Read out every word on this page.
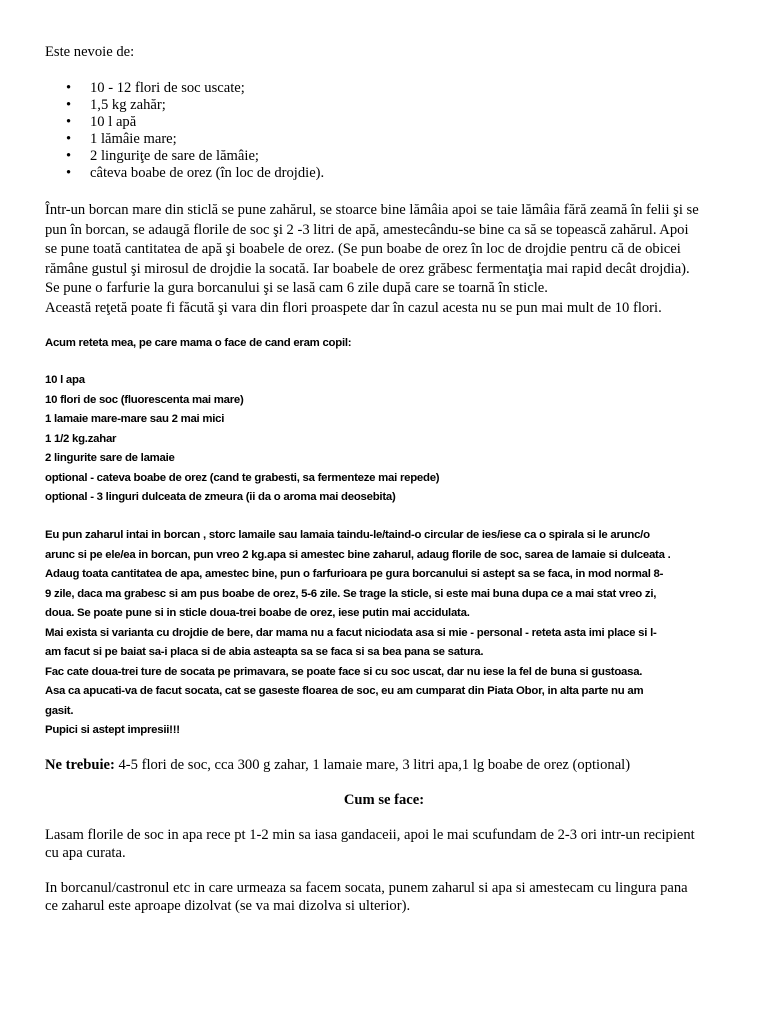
Este nevoie de:
• 10 - 12 flori de soc uscate;
• 1,5 kg zahăr;
• 10 l apă
• 1 lămâie mare;
• 2 linguriţe de sare de lămâie;
• câteva boabe de orez (în loc de drojdie).
Într-un borcan mare din sticlă se pune zahărul, se stoarce bine lămâia apoi se taie lămâia fără zeamă în felii şi se
pun în borcan, se adaugă florile de soc şi 2 -3 litri de apă, amestecându-se bine ca să se topească zahărul. Apoi
se pune toată cantitatea de apă şi boabele de orez. (Se pun boabe de orez în loc de drojdie pentru că de obicei
rămâne gustul şi mirosul de drojdie la socată. Iar boabele de orez grăbesc fermentaţia mai rapid decât drojdia).
Se pune o farfurie la gura borcanului şi se lasă cam 6 zile după care se toarnă în sticle.
Această reţetă poate fi făcută şi vara din flori proaspete dar în cazul acesta nu se pun mai mult de 10 flori.
Acum reteta mea, pe care mama o face de cand eram copil:
10 l apa
10 flori de soc (fluorescenta mai mare)
1 lamaie mare-mare sau 2 mai mici
1 1/2 kg.zahar
2 lingurite sare de lamaie
optional - cateva boabe de orez (cand te grabesti, sa fermenteze mai repede)
optional - 3 linguri dulceata de zmeura (ii da o aroma mai deosebita)
Eu pun zaharul intai in borcan , storc lamaile sau lamaia taindu-le/taind-o circular de ies/iese ca o spirala si le arunc/o
arunc si pe ele/ea in borcan, pun vreo 2 kg.apa si amestec bine zaharul, adaug florile de soc, sarea de lamaie si dulceata .
Adaug toata cantitatea de apa, amestec bine, pun o farfurioara pe gura borcanului si astept sa se faca, in mod normal 8-
9 zile, daca ma grabesc si am pus boabe de orez, 5-6 zile. Se trage la sticle, si este mai buna dupa ce a mai stat vreo zi,
doua. Se poate pune si in sticle doua-trei boabe de orez, iese putin mai accidulata.
Mai exista si varianta cu drojdie de bere, dar mama nu a facut niciodata asa si mie - personal - reteta asta imi place si l-
am facut si pe baiat sa-i placa si de abia asteapta sa se faca si sa bea pana se satura.
Fac cate doua-trei ture de socata pe primavara, se poate face si cu soc uscat, dar nu iese la fel de buna si gustoasa.
Asa ca apucati-va de facut socata, cat se gaseste floarea de soc, eu am cumparat din Piata Obor, in alta parte nu am
gasit.
Pupici si astept impresii!!!
Ne trebuie: 4-5 flori de soc, cca 300 g zahar, 1 lamaie mare, 3 litri apa,1 lg boabe de orez (optional)
Cum se face:
Lasam florile de soc in apa rece pt 1-2 min sa iasa gandaceii, apoi le mai scufundam de 2-3 ori intr-un recipient
cu apa curata.
In borcanul/castronul etc in care urmeaza sa facem socata, punem zaharul si apa si amestecam cu lingura pana
ce zaharul este aproape dizolvat (se va mai dizolva si ulterior).
